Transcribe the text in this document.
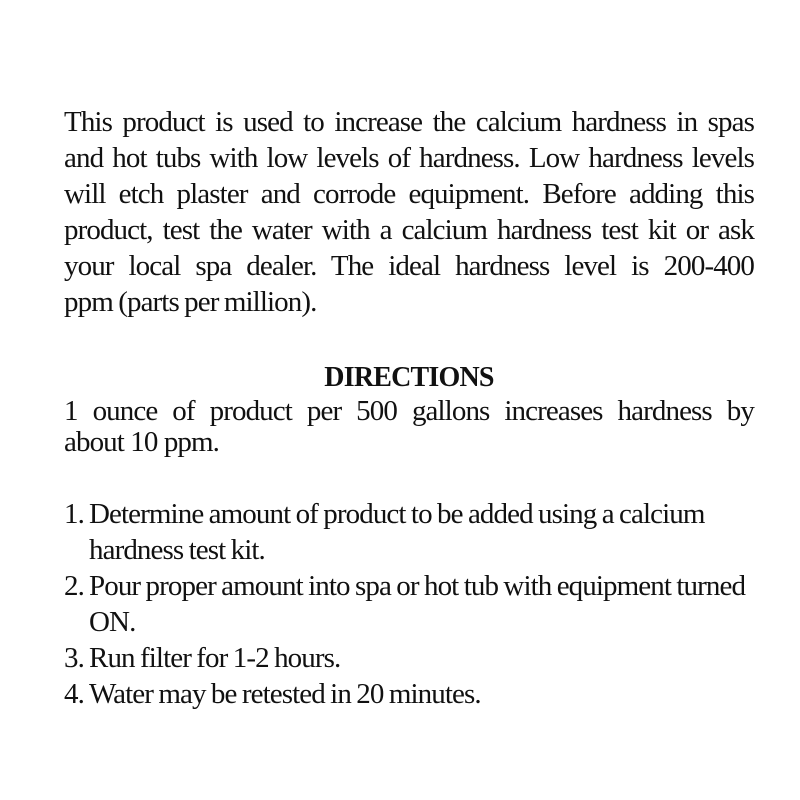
This product is used to increase the calcium hardness in spas
and hot tubs with low levels of hardness. Low hardness levels
will etch plaster and corrode equipment. Before adding this
product, test the water with a calcium hardness test kit or ask
your local spa dealer. The ideal hardness level is 200-400
ppm (parts per million).

DIRECTIONS

1 ounce of product per 500 gallons increases hardness by
about 10 ppm.

1. Determine amount of product to be added using a calcium hardness test kit.
2. Pour proper amount into spa or hot tub with equipment turned ON.
3. Run filter for 1-2 hours.
4. Water may be retested in 20 minutes.
